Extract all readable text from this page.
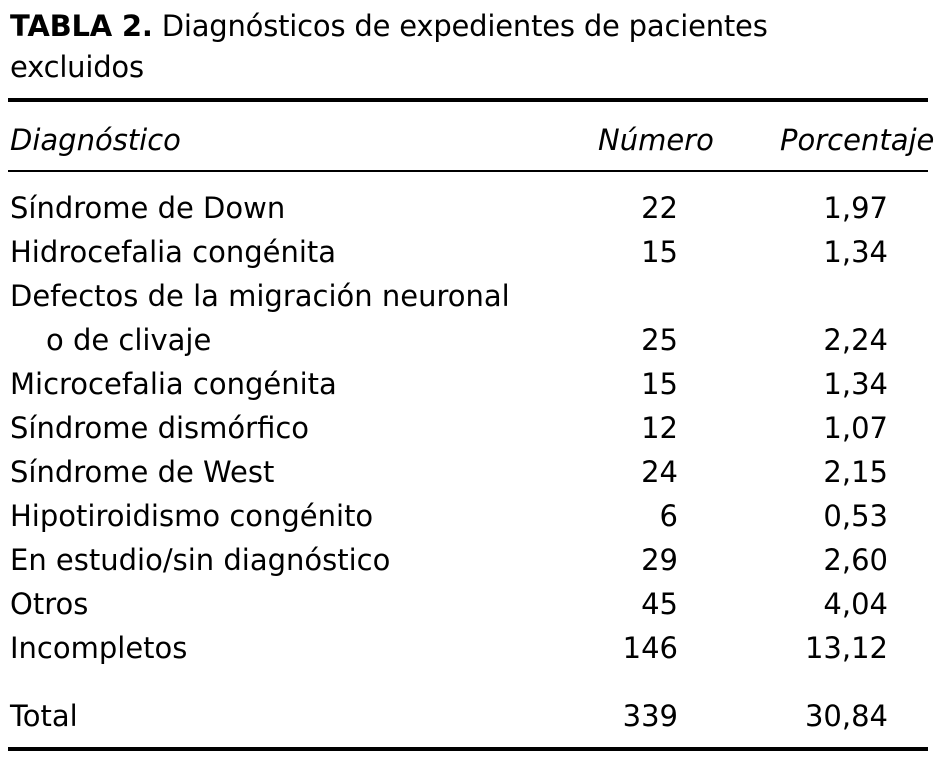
TABLA 2. Diagnósticos de expedientes de pacientes excluidos
Diagnóstico	Número Porcentaje
Síndrome de Down	22	1,97
Hidrocefalia congénita	15	1,34
Defectos de la migración neuronal
o de clivaje	25	2,24
Microcefalia congénita	15	1,34
Síndrome dismórfico	12	1,07
Síndrome de West	24	2,15
Hipotiroidismo congénito	6	0,53
En estudio/sin diagnóstico	29	2,60
Otros	45	4,04
Incompletos	146	13,12
Total	339	30,84
